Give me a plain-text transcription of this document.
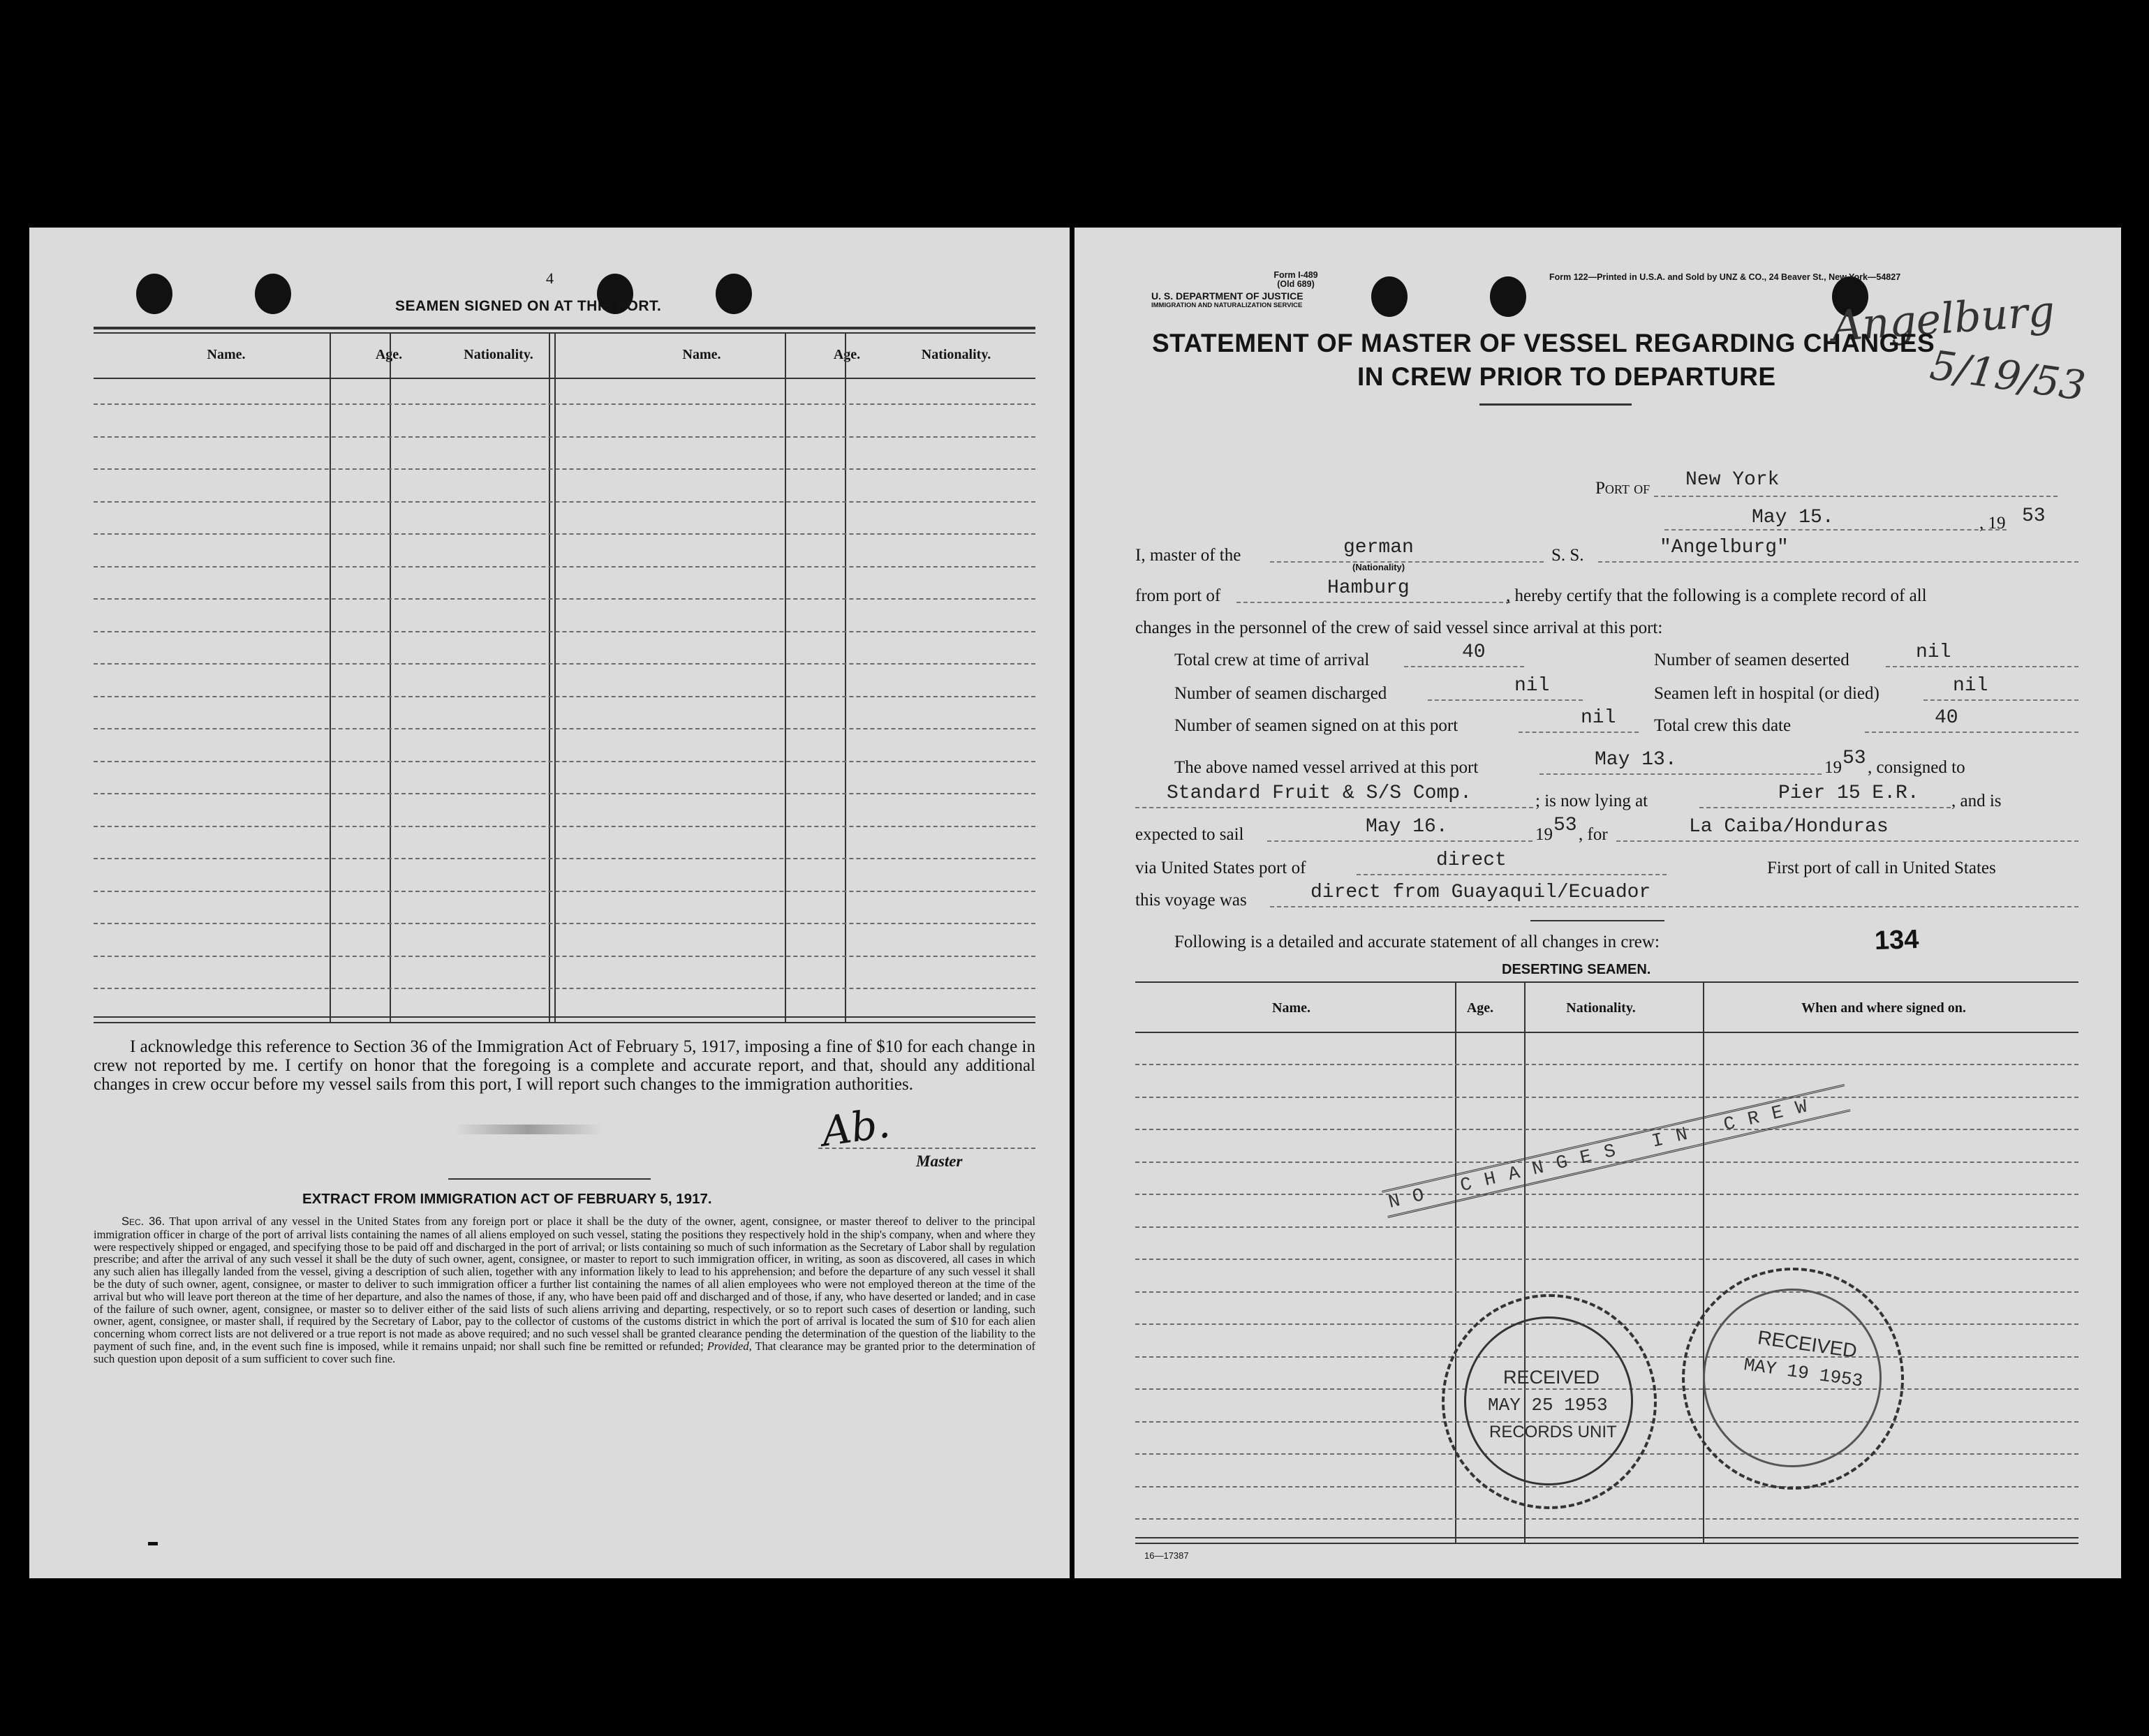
4
SEAMEN SIGNED ON AT THIS PORT.
Name.	Age.	Nationality.	Name.	Age.	Nationality.
I acknowledge this reference to Section 36 of the Immigration Act of February 5, 1917, imposing a fine of $10 for each change in crew not reported by me. I certify on honor that the foregoing is a complete and accurate report, and that, should any additional changes in crew occur before my vessel sails from this port, I will report such changes to the immigration authorities.
Ab.
Master
EXTRACT FROM IMMIGRATION ACT OF FEBRUARY 5, 1917.
Sec. 36. That upon arrival of any vessel in the United States from any foreign port or place it shall be the duty of the owner, agent, consignee, or master thereof to deliver to the principal immigration officer in charge of the port of arrival lists containing the names of all aliens employed on such vessel, stating the positions they respectively hold in the ship's company, when and where they were respectively shipped or engaged, and specifying those to be paid off and discharged in the port of arrival; or lists containing so much of such information as the Secretary of Labor shall by regulation prescribe; and after the arrival of any such vessel it shall be the duty of such owner, agent, consignee, or master to report to such immigration officer, in writing, as soon as discovered, all cases in which any such alien has illegally landed from the vessel, giving a description of such alien, together with any information likely to lead to his apprehension; and before the departure of any such vessel it shall be the duty of such owner, agent, consignee, or master to deliver to such immigration officer a further list containing the names of all alien employees who were not employed thereon at the time of the arrival but who will leave port thereon at the time of her departure, and also the names of those, if any, who have been paid off and discharged and of those, if any, who have deserted or landed; and in case of the failure of such owner, agent, consignee, or master so to deliver either of the said lists of such aliens arriving and departing, respectively, or so to report such cases of desertion or landing, such owner, agent, consignee, or master shall, if required by the Secretary of Labor, pay to the collector of customs of the customs district in which the port of arrival is located the sum of $10 for each alien concerning whom correct lists are not delivered or a true report is not made as above required; and no such vessel shall be granted clearance pending the determination of the question of the liability to the payment of such fine, and, in the event such fine is imposed, while it remains unpaid; nor shall such fine be remitted or refunded; Provided, That clearance may be granted prior to the determination of such question upon deposit of a sum sufficient to cover such fine.
Form I-489
(Old 689)
U. S. DEPARTMENT OF JUSTICE
IMMIGRATION AND NATURALIZATION SERVICE
Form 122—Printed in U.S.A. and Sold by UNZ & CO., 24 Beaver St., New York—54827
Angelburg
5/19/53
STATEMENT OF MASTER OF VESSEL REGARDING CHANGES
IN CREW PRIOR TO DEPARTURE
Port of New York
May 15.	, 19 53
I, master of the	german
(Nationality)
S. S.	"Angelburg"
from port of	Hamburg	, hereby certify that the following is a complete record of all
changes in the personnel of the crew of said vessel since arrival at this port:
Total crew at time of arrival	40	Number of seamen deserted	nil
Number of seamen discharged	nil	Seamen left in hospital (or died)	nil
Number of seamen signed on at this port	nil Total crew this date	40
The above named vessel arrived at this port	May 13.	19 53 , consigned to
Standard Fruit & S/S Comp.	; is now lying at	Pier 15 E.R. , and is
expected to sail	May 16.	19 53 , for	La Caiba/Honduras
via United States port of	direct	First port of call in United States
this voyage was	direct from Guayaquil/Ecuador
Following is a detailed and accurate statement of all changes in crew:	134
DESERTING SEAMEN.
Name.	Age.	Nationality.	When and where signed on.
NO CHANGES IN CREW
RECEIVED
MAY 25 1953
RECORDS UNIT
RECEIVED
MAY 19 1953
16—17387
